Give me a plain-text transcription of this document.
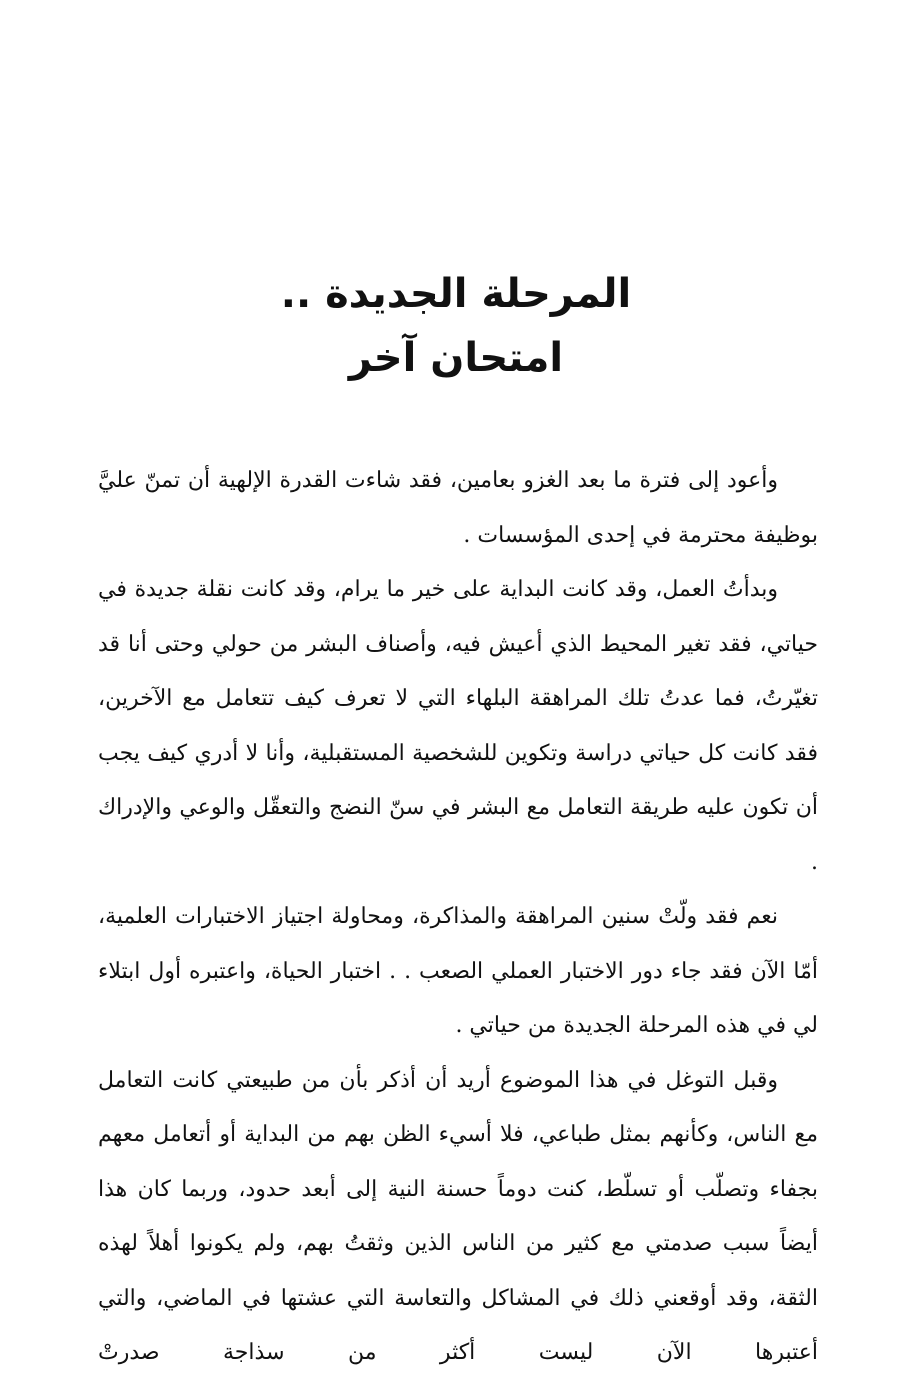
المرحلة الجديدة ..

امتحان آخر

وأعود إلى فترة ما بعد الغزو بعامين، فقد شاءت القدرة الإلهية أن تمنّ عليَّ بوظيفة محترمة في إحدى المؤسسات .

وبدأتُ العمل، وقد كانت البداية على خير ما يرام، وقد كانت نقلة جديدة في حياتي، فقد تغير المحيط الذي أعيش فيه، وأصناف البشر من حولي وحتى أنا قد تغيّرتُ، فما عدتُ تلك المراهقة البلهاء التي لا تعرف كيف تتعامل مع الآخرين، فقد كانت كل حياتي دراسة وتكوين للشخصية المستقبلية، وأنا لا أدري كيف يجب أن تكون عليه طريقة التعامل مع البشر في سنّ النضج والتعقّل والوعي والإدراك .

نعم فقد ولّتْ سنين المراهقة والمذاكرة، ومحاولة اجتياز الاختبارات العلمية، أمّا الآن فقد جاء دور الاختبار العملي الصعب . . اختبار الحياة، واعتبره أول ابتلاء لي في هذه المرحلة الجديدة من حياتي .

وقبل التوغل في هذا الموضوع أريد أن أذكر بأن من طبيعتي كانت التعامل مع الناس، وكأنهم بمثل طباعي، فلا أسيء الظن بهم من البداية أو أتعامل معهم بجفاء وتصلّب أو تسلّط، كنت دوماً حسنة النية إلى أبعد حدود، وربما كان هذا أيضاً سبب صدمتي مع كثير من الناس الذين وثقتُ بهم، ولم يكونوا أهلاً لهذه الثقة، وقد أوقعني ذلك في المشاكل والتعاسة التي عشتها في الماضي، والتي أعتبرها الآن ليست أكثر من سذاجة صدرتْ
